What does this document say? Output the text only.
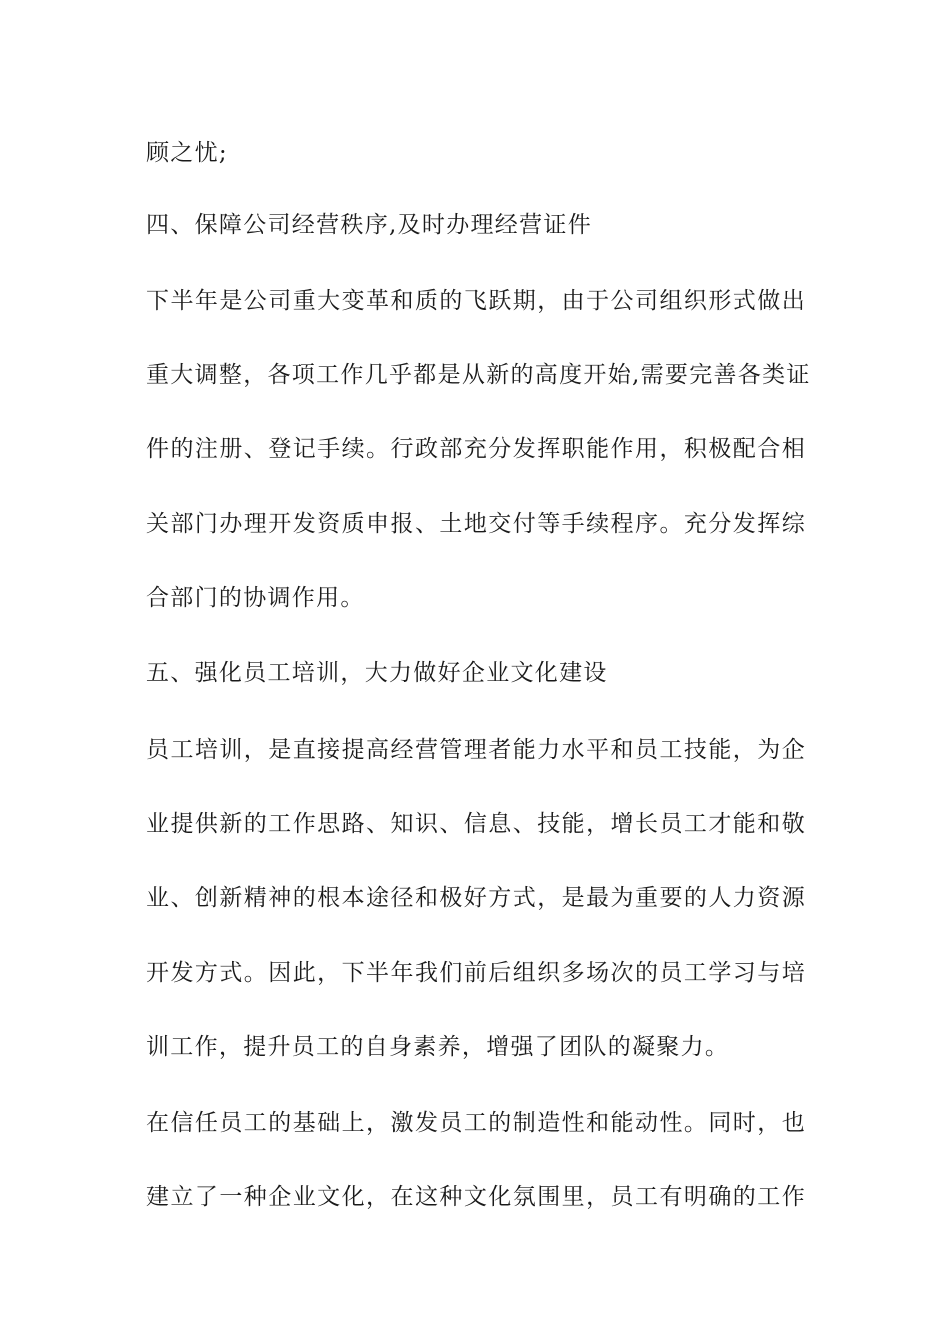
顾之忧;
四、保障公司经营秩序,及时办理经营证件
下半年是公司重大变革和质的飞跃期，由于公司组织形式做出
重大调整，各项工作几乎都是从新的高度开始,需要完善各类证
件的注册、登记手续。行政部充分发挥职能作用，积极配合相
关部门办理开发资质申报、土地交付等手续程序。充分发挥综
合部门的协调作用。
五、强化员工培训，大力做好企业文化建设
员工培训，是直接提高经营管理者能力水平和员工技能，为企
业提供新的工作思路、知识、信息、技能，增长员工才能和敬
业、创新精神的根本途径和极好方式，是最为重要的人力资源
开发方式。因此，下半年我们前后组织多场次的员工学习与培
训工作，提升员工的自身素养，增强了团队的凝聚力。
在信任员工的基础上，激发员工的制造性和能动性。同时，也
建立了一种企业文化，在这种文化氛围里，员工有明确的工作
